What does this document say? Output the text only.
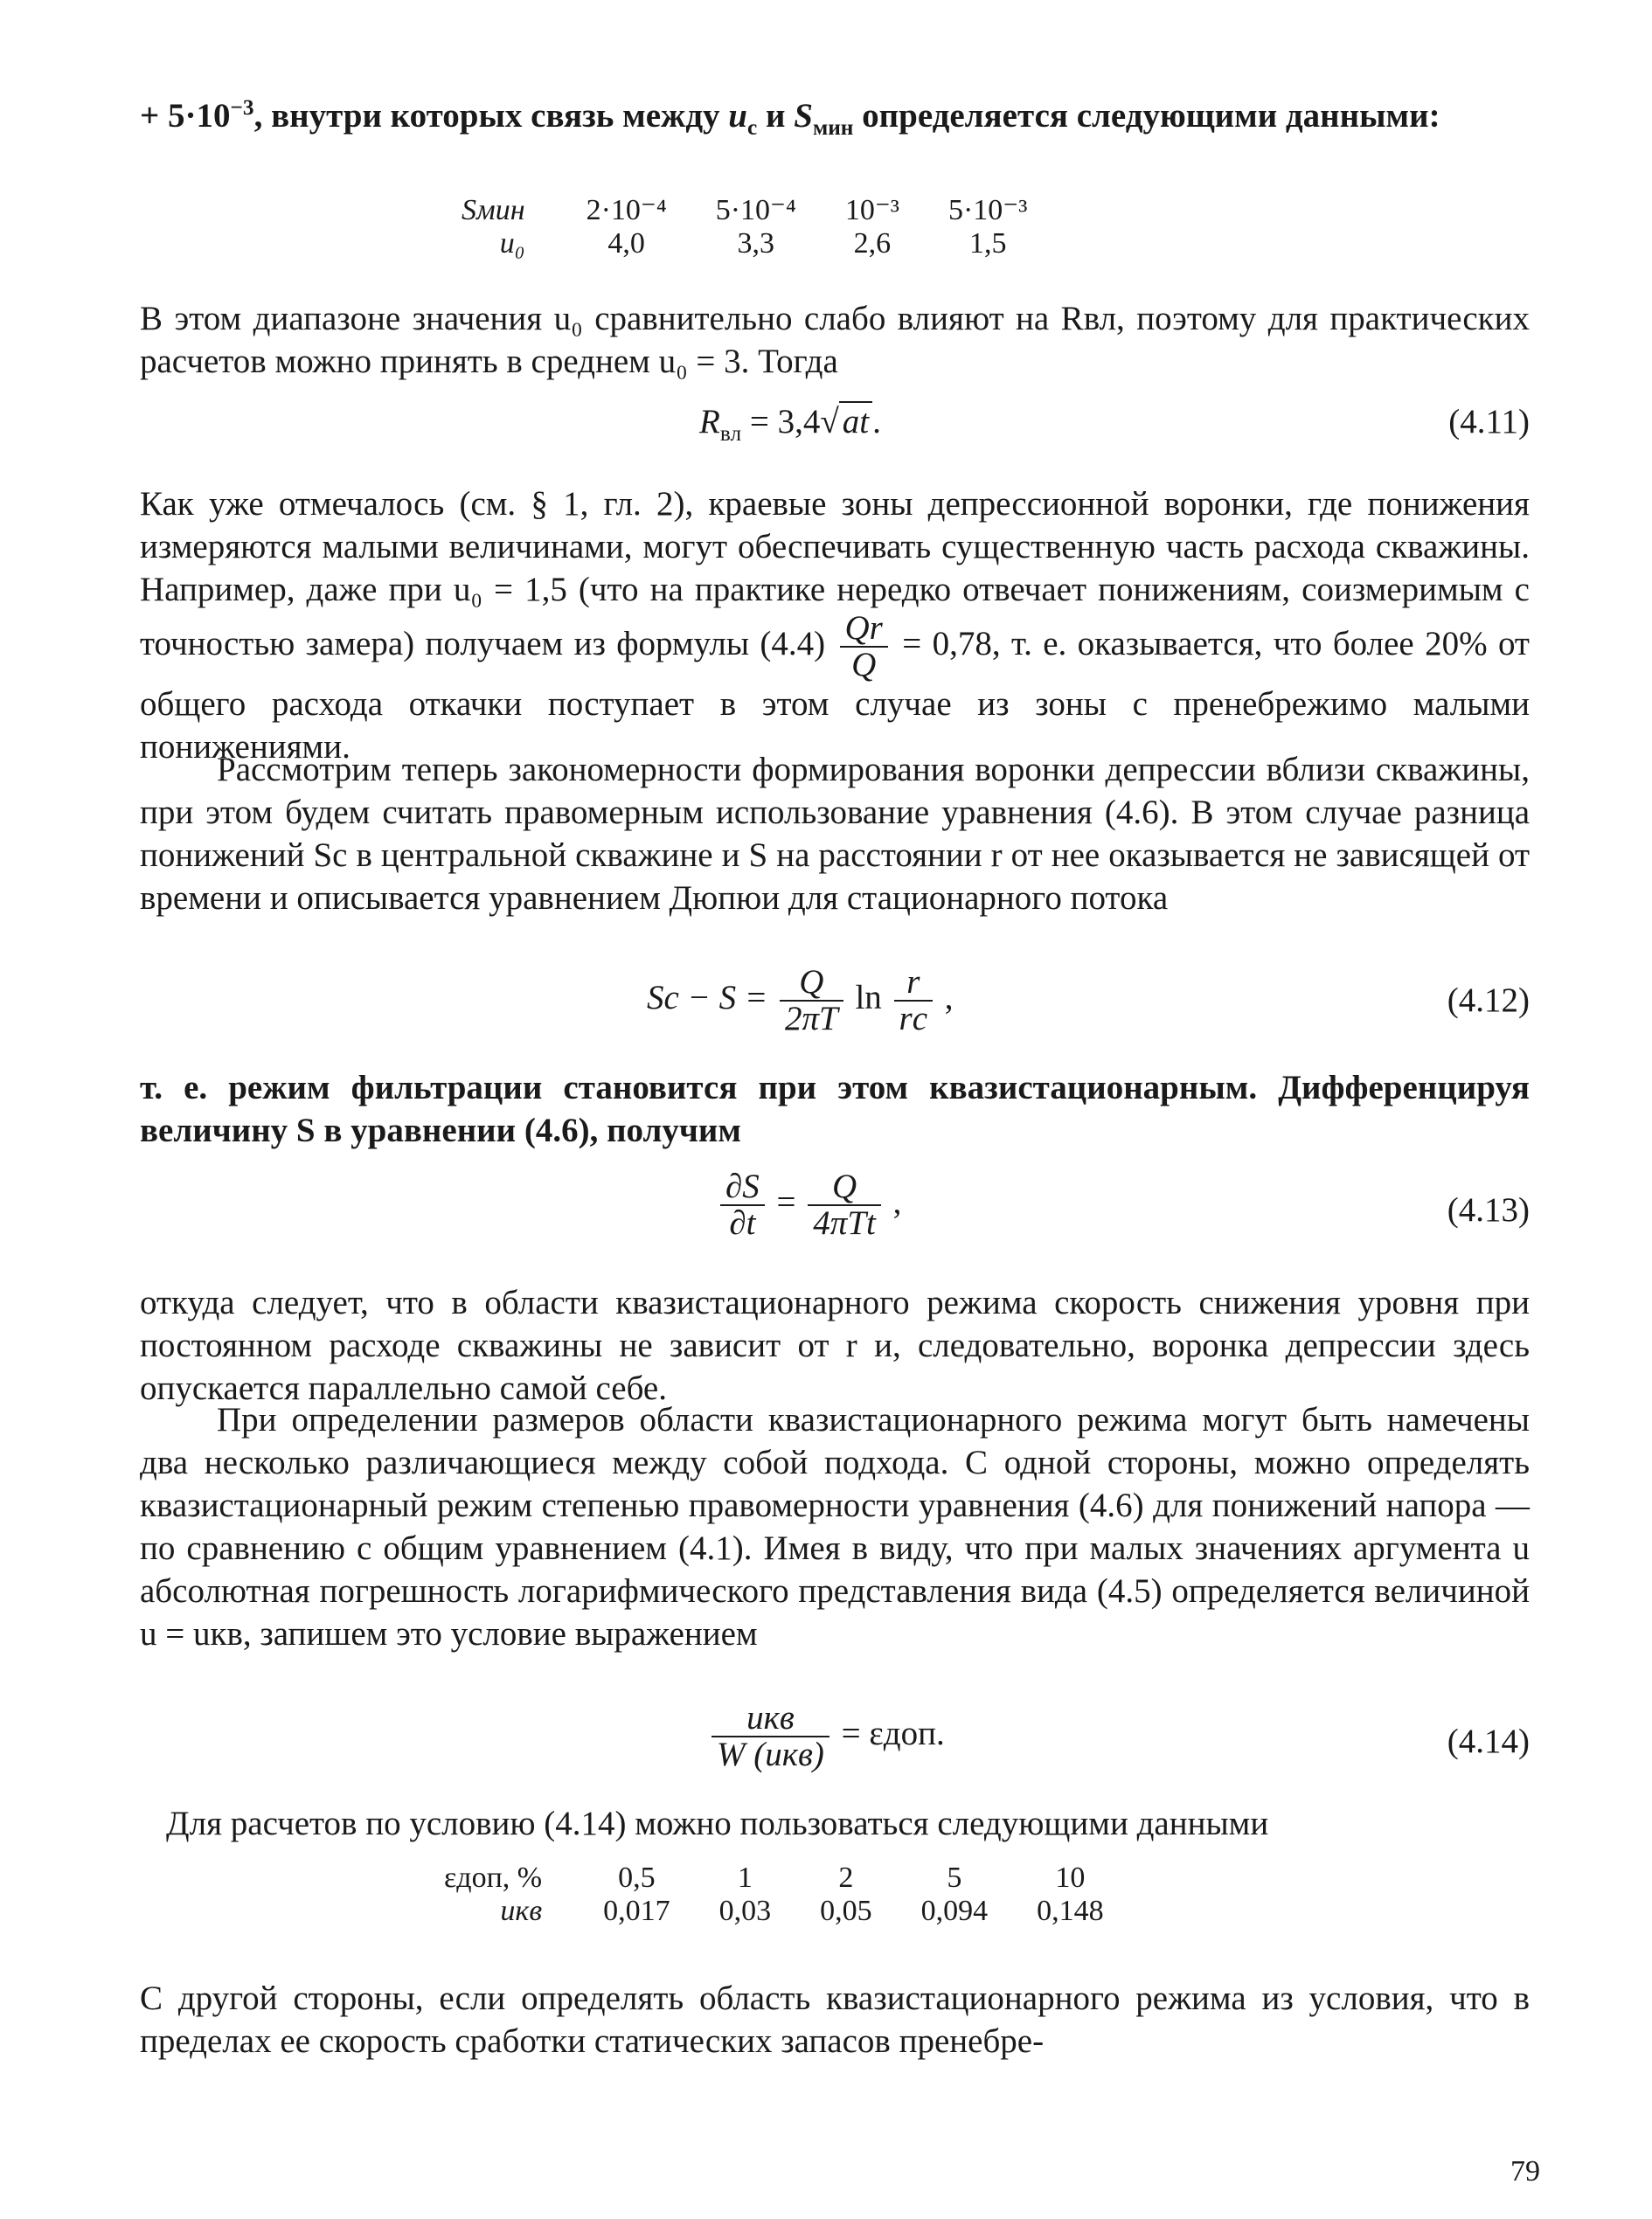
+ $5\cdot 10^{-3}$, внутри которых связь между $u_с$ и $S_{мин}$ определяется следующими данными:
Sмин	2·10⁻⁴	5·10⁻⁴	10⁻³	5·10⁻³
u₀	4,0	3,3	2,6	1,5
В этом диапазоне значения u₀ сравнительно слабо влияют на Rвл, поэтому для практических расчетов можно принять в среднем u₀ = 3. Тогда
$R_{вл} = 3,4√$ at .	(4.11)
Как уже отмечалось (см. § 1, гл. 2), краевые зоны депрессионной воронки, где понижения измеряются малыми величинами, могут обеспечивать существенную часть расхода скважины. Например, даже при u₀ = 1,5 (что на практике нередко отвечает понижениям, соизмеримым с точностью замера) получаем из формулы $(4.4) \frac{Qr}{Q} = 0,78$, т. е. оказывается, что более 20% от общего расхода откачки поступает в этом случае из зоны с пренебрежимо малыми понижениями.
Рассмотрим теперь закономерности формирования воронки депрессии вблизи скважины, при этом будем считать правомерным использование уравнения (4.6). В этом случае разница понижений Sс в центральной скважине и S на расстоянии r от нее оказывается не зависящей от времени и описывается уравнением Дюпюи для стационарного потока
Sс − $S = \frac{Q}{2\pi T}$ $\ln \frac{r}{rс}$ ,	(4.12)
т. е. режим фильтрации становится при этом квазистационарным. Дифференцируя величину S в уравнении (4.6), получим
$\frac{\partial S}{\partial t} = \frac{Q}{\text{4πTt}}$ ,	(4.13)
откуда следует, что в области квазистационарного режима скорость снижения уровня при постоянном расходе скважины не зависит от r и, следовательно, воронка депрессии здесь опускается параллельно самой себе.
При определении размеров области квазистационарного режима могут быть намечены два несколько различающиеся между собой подхода. С одной стороны, можно определять квазистационарный режим степенью правомерности уравнения (4.6) для понижений напора — по сравнению с общим уравнением (4.1). Имея в виду, что при малых значениях аргумента u абсолютная погрешность логарифмического представления вида (4.5) определяется величиной u = uкв, запишем это условие выражением
$\frac{\text{uкв}}{\text{W (uкв)}} = \varepsilon доп$.	(4.14)
Для расчетов по условию (4.14) можно пользоваться следующими данными
εдоп, %	0,5	1	2	5	10
uкв	0,017	0,03	0,05	0,094	0,148
С другой стороны, если определять область квазистационарного режима из условия, что в пределах ее скорость сработки статических запасов пренебре-
79
